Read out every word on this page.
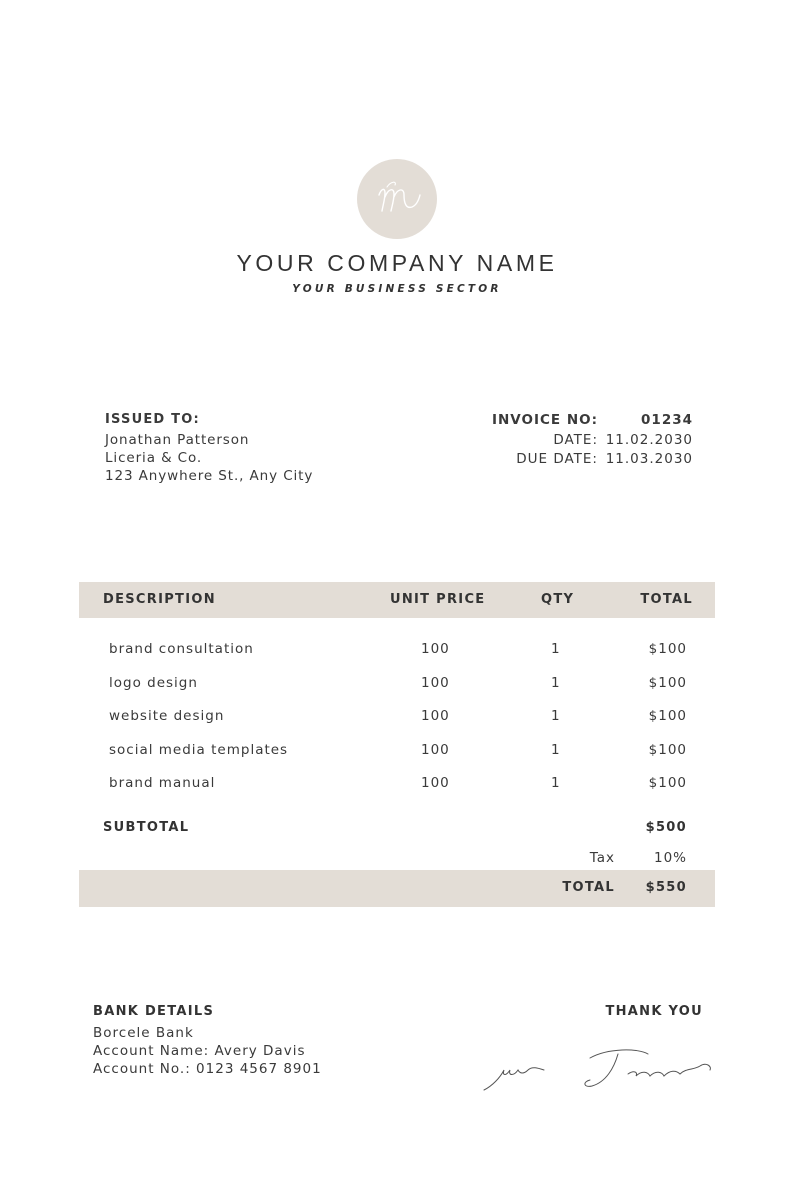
YOUR COMPANY NAME
YOUR BUSINESS SECTOR
ISSUED TO:
Jonathan Patterson
Liceria & Co.
123 Anywhere St., Any City
INVOICE NO:	01234
DATE: 11.02.2030
DUE DATE: 11.03.2030
DESCRIPTION	UNIT PRICE	QTY	TOTAL
brand consultation	100	1	$100
logo design	100	1	$100
website design	100	1	$100
social media templates	100	1	$100
brand manual	100	1	$100
SUBTOTAL	$500
Tax	10%
TOTAL $550
BANK DETAILS
Borcele Bank
Account Name: Avery Davis
Account No.: 0123 4567 8901
THANK YOU
